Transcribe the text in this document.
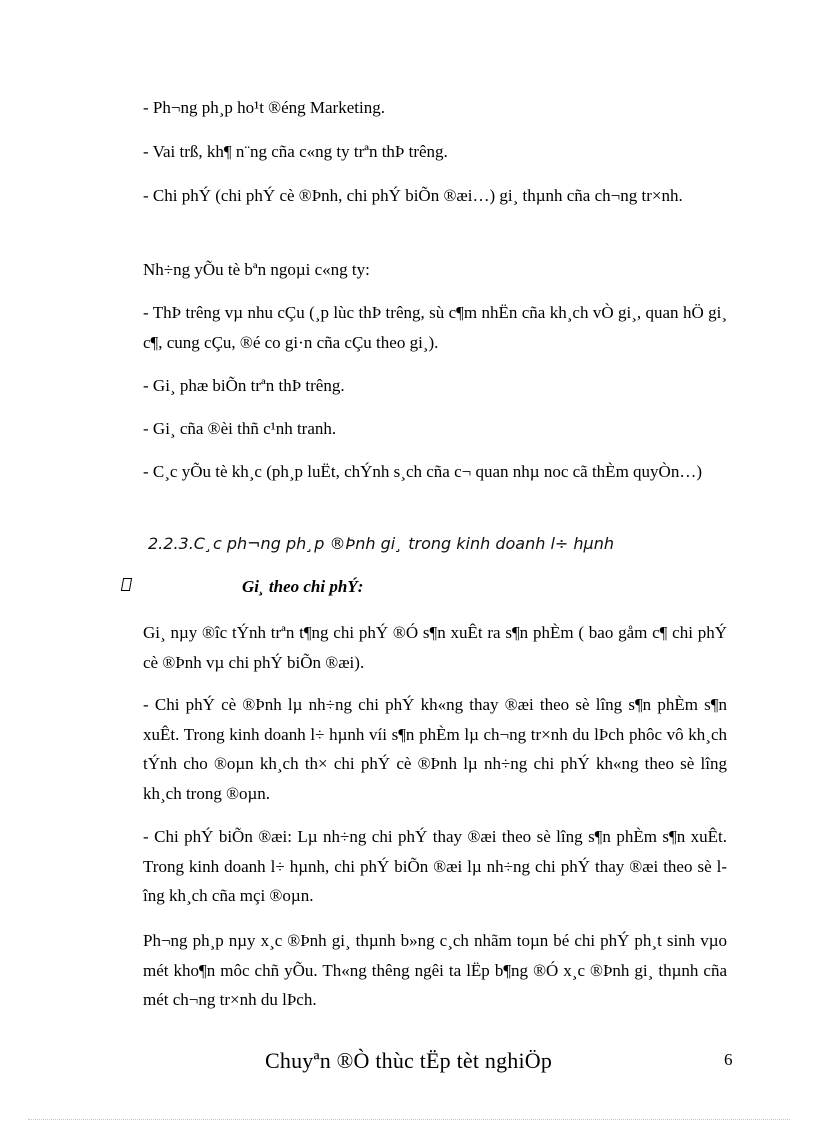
- Ph¬ng ph¸p ho¹t ®éng Marketing.

- Vai trß, kh¶ n¨ng cña c«ng ty trªn thÞ trêng.

- Chi phÝ (chi phÝ cè ®Þnh, chi phÝ biÕn ®æi…) gi¸ thµnh cña ch¬ng tr×nh.

Nh÷ng yÕu tè bªn ngoµi c«ng ty:

- ThÞ trêng vµ nhu cÇu (¸p lùc thÞ trêng, sù c¶m nhËn cña kh¸ch vÒ gi¸, quan hÖ gi¸ c¶, cung cÇu, ®é co gi·n cña cÇu theo gi¸).

- Gi¸ phæ biÕn trªn thÞ trêng.

- Gi¸ cña ®èi thñ c¹nh tranh.

- C¸c yÕu tè kh¸c (ph¸p luËt, chÝnh s¸ch cña c¬ quan nhµ noc cã thÈm quyÒn…)

2.2.3.C¸c ph¬ng ph¸p ®Þnh gi¸ trong kinh doanh l÷ hµnh

Gi¸ theo chi phÝ:

Gi¸ nµy ®îc tÝnh trªn t¶ng chi phÝ ®Ó s¶n xuÊt ra s¶n phÈm ( bao gåm c¶ chi phÝ cè ®Þnh vµ chi phÝ biÕn ®æi).

- Chi phÝ cè ®Þnh lµ nh÷ng chi phÝ kh«ng thay ®æi theo sè lîng s¶n phÈm s¶n xuÊt. Trong kinh doanh l÷ hµnh víi s¶n phÈm lµ ch¬ng tr×nh du lÞch phôc vô kh¸ch tÝnh cho ®oµn kh¸ch th× chi phÝ cè ®Þnh lµ nh÷ng chi phÝ kh«ng theo sè lîng kh¸ch trong ®oµn.

- Chi phÝ biÕn ®æi: Lµ nh÷ng chi phÝ thay ®æi theo sè lîng s¶n phÈm s¶n xuÊt. Trong kinh doanh l÷ hµnh, chi phÝ biÕn ®æi lµ nh÷ng chi phÝ thay ®æi theo sè lîng kh¸ch cña mçi ®oµn.

Ph¬ng ph¸p nµy x¸c ®Þnh gi¸ thµnh b»ng c¸ch nhãm toµn bé chi phÝ ph¸t sinh vµo mét kho¶n môc chñ yÕu. Th«ng thêng ngêi ta lËp b¶ng ®Ó x¸c ®Þnh gi¸ thµnh cña mét ch¬ng tr×nh du lÞch.

Chuyªn ®Ò thùc tËp tèt nghiÖp	6
